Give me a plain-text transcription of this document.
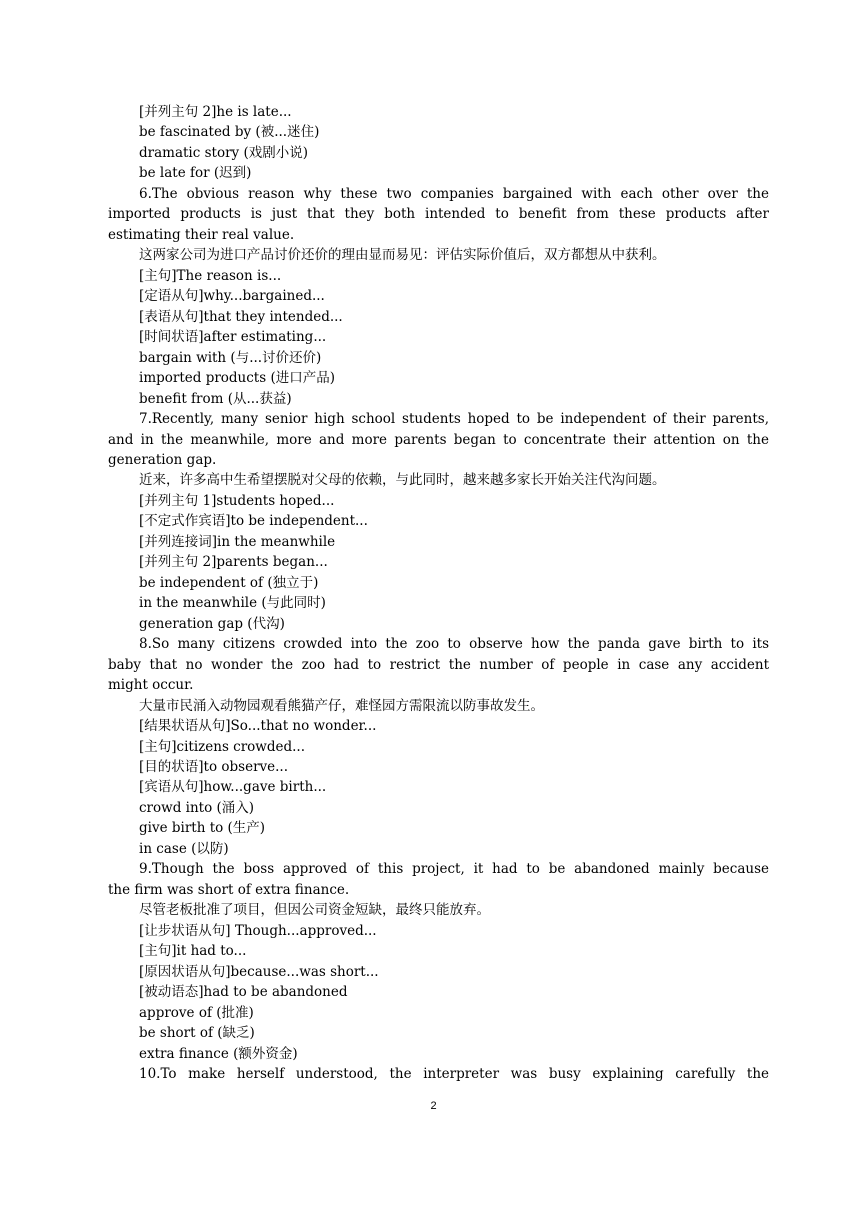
[并列主句 2]he is late...
be fascinated by (被...迷住)
dramatic story (戏剧小说)
be late for (迟到)
6.The obvious reason why these two companies bargained with each other over the
imported products is just that they both intended to benefit from these products after
estimating their real value.
这两家公司为进口产品讨价还价的理由显而易见：评估实际价值后，双方都想从中获利。
[主句]The reason is...
[定语从句]why...bargained...
[表语从句]that they intended...
[时间状语]after estimating...
bargain with (与...讨价还价)
imported products (进口产品)
benefit from (从...获益)
7.Recently, many senior high school students hoped to be independent of their parents,
and in the meanwhile, more and more parents began to concentrate their attention on the
generation gap.
近来，许多高中生希望摆脱对父母的依赖，与此同时，越来越多家长开始关注代沟问题。
[并列主句 1]students hoped...
[不定式作宾语]to be independent...
[并列连接词]in the meanwhile
[并列主句 2]parents began...
be independent of (独立于)
in the meanwhile (与此同时)
generation gap (代沟)
8.So many citizens crowded into the zoo to observe how the panda gave birth to its
baby that no wonder the zoo had to restrict the number of people in case any accident
might occur.
大量市民涌入动物园观看熊猫产仔，难怪园方需限流以防事故发生。
[结果状语从句]So...that no wonder...
[主句]citizens crowded...
[目的状语]to observe...
[宾语从句]how...gave birth...
crowd into (涌入)
give birth to (生产)
in case (以防)
9.Though the boss approved of this project, it had to be abandoned mainly because
the firm was short of extra finance.
尽管老板批准了项目，但因公司资金短缺，最终只能放弃。
[让步状语从句] Though...approved...
[主句]it had to...
[原因状语从句]because...was short...
[被动语态]had to be abandoned
approve of (批准)
be short of (缺乏)
extra finance (额外资金)
10.To make herself understood, the interpreter was busy explaining carefully the
2
